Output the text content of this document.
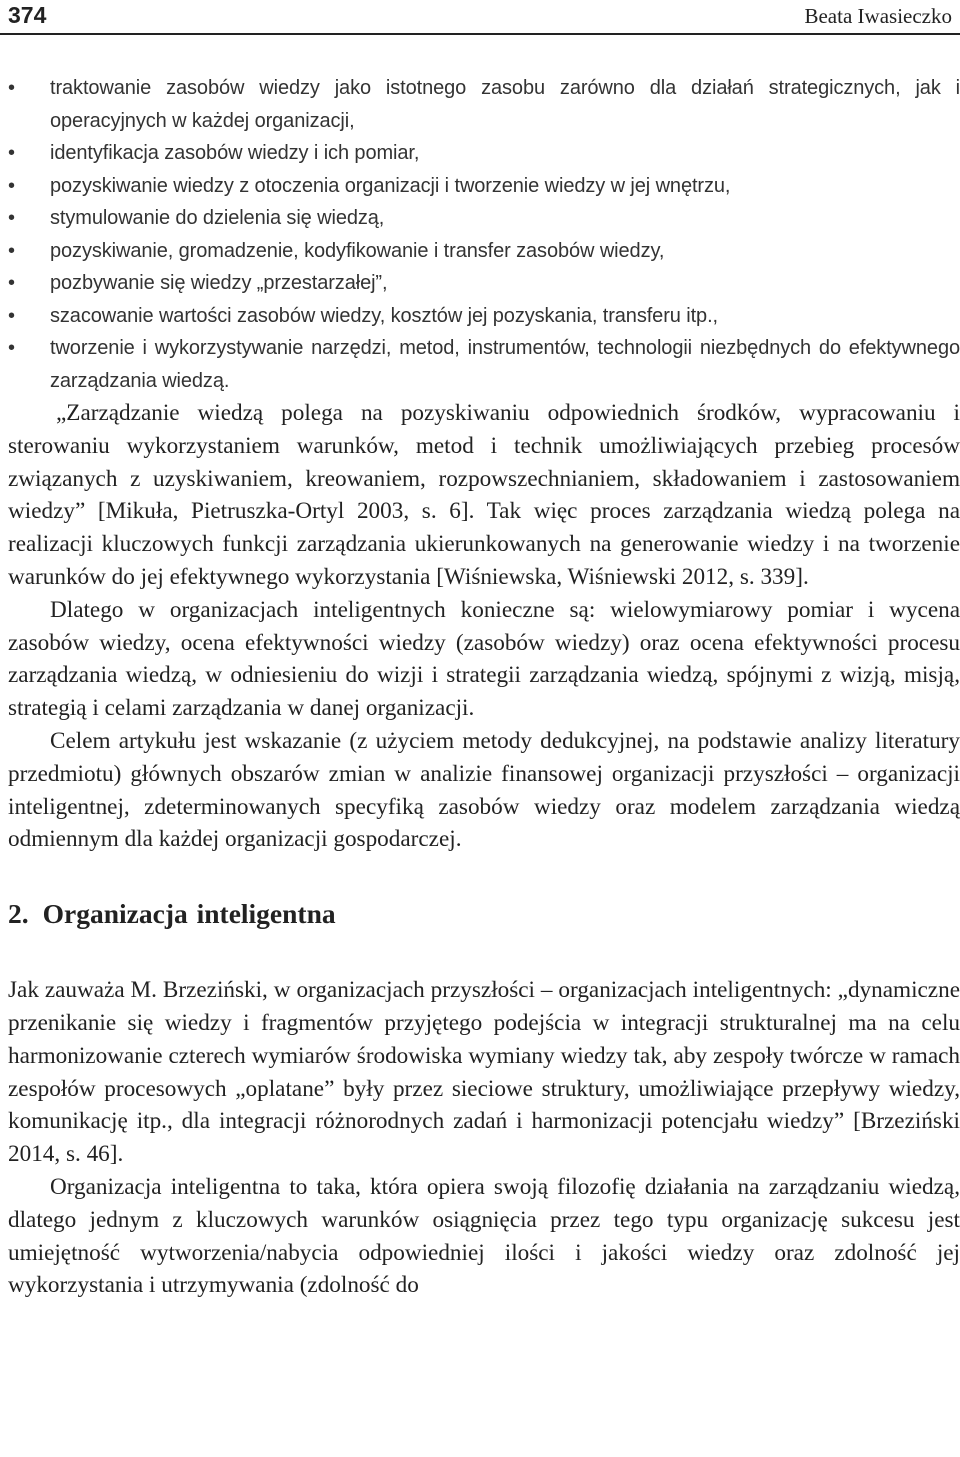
374	Beata Iwasieczko
• traktowanie zasobów wiedzy jako istotnego zasobu zarówno dla działań strategicznych, jak i operacyjnych w każdej organizacji,
• identyfikacja zasobów wiedzy i ich pomiar,
• pozyskiwanie wiedzy z otoczenia organizacji i tworzenie wiedzy w jej wnętrzu,
• stymulowanie do dzielenia się wiedzą,
• pozyskiwanie, gromadzenie, kodyfikowanie i transfer zasobów wiedzy,
• pozbywanie się wiedzy „przestarzałej”,
• szacowanie wartości zasobów wiedzy, kosztów jej pozyskania, transferu itp.,
• tworzenie i wykorzystywanie narzędzi, metod, instrumentów, technologii niezbędnych do efektywnego zarządzania wiedzą.

„Zarządzanie wiedzą polega na pozyskiwaniu odpowiednich środków, wypracowaniu i sterowaniu wykorzystaniem warunków, metod i technik umożliwiających przebieg procesów związanych z uzyskiwaniem, kreowaniem, rozpowszechnianiem, składowaniem i zastosowaniem wiedzy” [Mikuła, Pietruszka-Ortyl 2003, s. 6]. Tak więc proces zarządzania wiedzą polega na realizacji kluczowych funkcji zarządzania ukierunkowanych na generowanie wiedzy i na tworzenie warunków do jej efektywnego wykorzystania [Wiśniewska, Wiśniewski 2012, s. 339].

Dlatego w organizacjach inteligentnych konieczne są: wielowymiarowy pomiar i wycena zasobów wiedzy, ocena efektywności wiedzy (zasobów wiedzy) oraz ocena efektywności procesu zarządzania wiedzą, w odniesieniu do wizji i strategii zarządzania wiedzą, spójnymi z wizją, misją, strategią i celami zarządzania w danej organizacji.

Celem artykułu jest wskazanie (z użyciem metody dedukcyjnej, na podstawie analizy literatury przedmiotu) głównych obszarów zmian w analizie finansowej organizacji przyszłości – organizacji inteligentnej, zdeterminowanych specyfiką zasobów wiedzy oraz modelem zarządzania wiedzą odmiennym dla każdej organizacji gospodarczej.

2. Organizacja inteligentna

Jak zauważa M. Brzeziński, w organizacjach przyszłości – organizacjach inteligentnych: „dynamiczne przenikanie się wiedzy i fragmentów przyjętego podejścia w integracji strukturalnej ma na celu harmonizowanie czterech wymiarów środowiska wymiany wiedzy tak, aby zespoły twórcze w ramach zespołów procesowych „oplatane” były przez sieciowe struktury, umożliwiające przepływy wiedzy, komunikację itp., dla integracji różnorodnych zadań i harmonizacji potencjału wiedzy” [Brzeziński 2014, s. 46].

Organizacja inteligentna to taka, która opiera swoją filozofię działania na zarządzaniu wiedzą, dlatego jednym z kluczowych warunków osiągnięcia przez tego typu organizację sukcesu jest umiejętność wytworzenia/nabycia odpowiedniej ilości i jakości wiedzy oraz zdolność jej wykorzystania i utrzymywania (zdolność do
